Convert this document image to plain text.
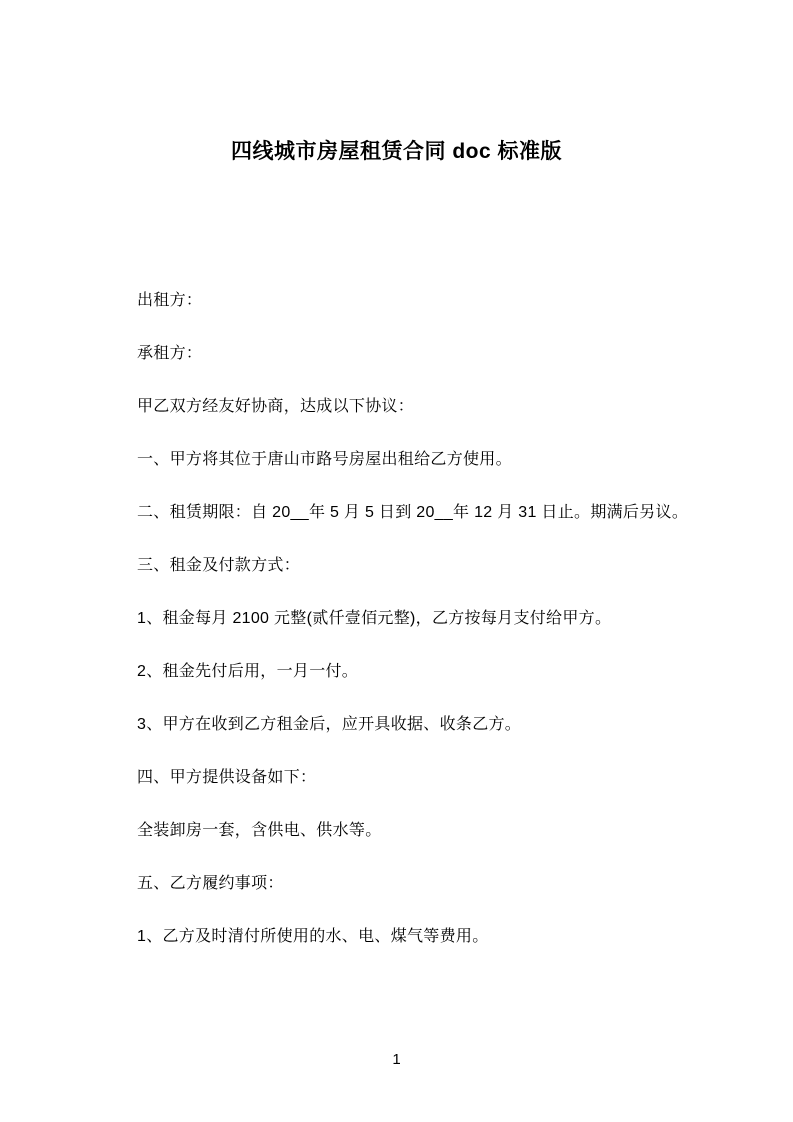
四线城市房屋租赁合同 doc 标准版

出租方：

承租方：

甲乙双方经友好协商，达成以下协议：

一、甲方将其位于唐山市路号房屋出租给乙方使用。

二、租赁期限：自 20__年 5 月 5 日到 20__年 12 月 31 日止。期满后另议。

三、租金及付款方式：

1、租金每月 2100 元整(贰仟壹佰元整)，乙方按每月支付给甲方。

2、租金先付后用，一月一付。

3、甲方在收到乙方租金后，应开具收据、收条乙方。

四、甲方提供设备如下：

全装卸房一套，含供电、供水等。

五、乙方履约事项：

1、乙方及时清付所使用的水、电、煤气等费用。

1
